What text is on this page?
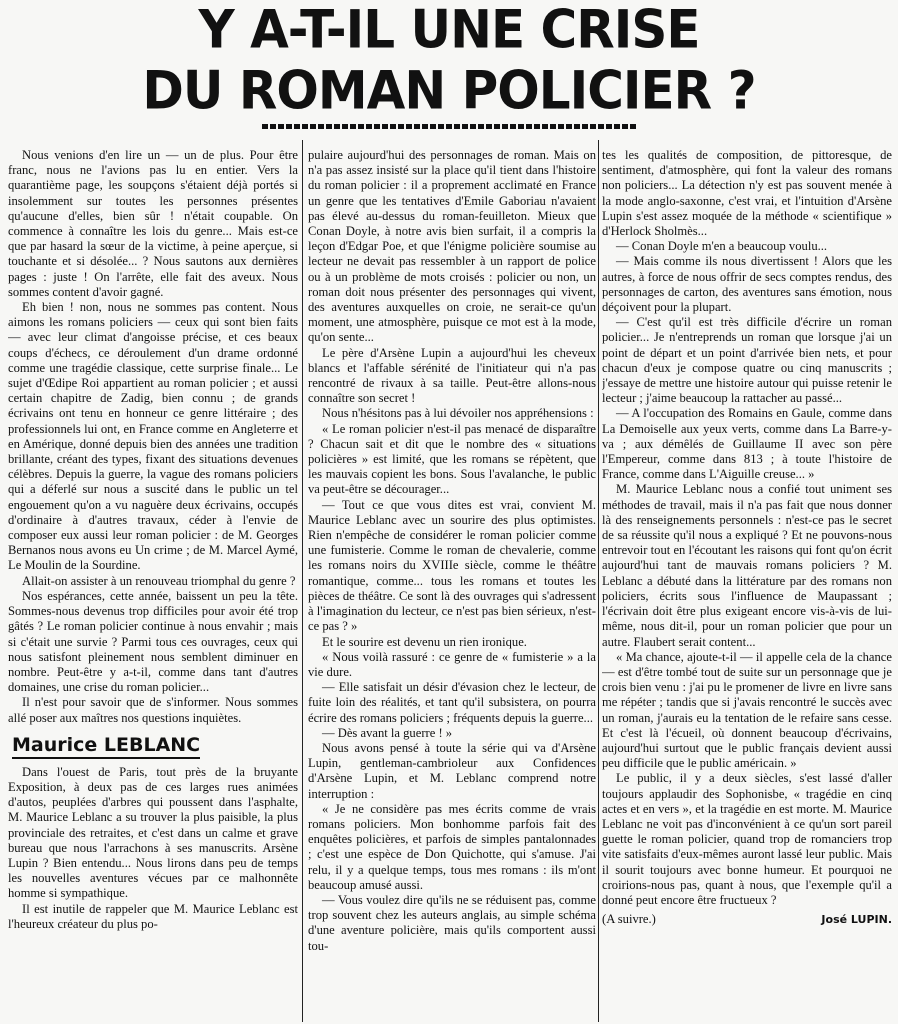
Y A-T-IL UNE CRISE
DU ROMAN POLICIER ?

Nous venions d'en lire un — un de plus. Pour être franc, nous ne l'avions pas lu en entier. Vers la quarantième page, les soupçons s'étaient déjà portés si insolemment sur toutes les personnes présentes qu'aucune d'elles, bien sûr ! n'était coupable. On commence à connaître les lois du genre... Mais est-ce que par hasard la sœur de la victime, à peine aperçue, si touchante et si désolée... ? Nous sautons aux dernières pages : juste ! On l'arrête, elle fait des aveux. Nous sommes content d'avoir gagné.

Eh bien ! non, nous ne sommes pas content. Nous aimons les romans policiers — ceux qui sont bien faits — avec leur climat d'angoisse précise, et ces beaux coups d'échecs, ce déroulement d'un drame ordonné comme une tragédie classique, cette surprise finale... Le sujet d'Œdipe Roi appartient au roman policier ; et aussi certain chapitre de Zadig, bien connu ; de grands écrivains ont tenu en honneur ce genre littéraire ; des professionnels lui ont, en France comme en Angleterre et en Amérique, donné depuis bien des années une tradition brillante, créant des types, fixant des situations devenues célèbres. Depuis la guerre, la vague des romans policiers qui a déferlé sur nous a suscité dans le public un tel engouement qu'on a vu naguère deux écrivains, occupés d'ordinaire à d'autres travaux, céder à l'envie de composer eux aussi leur roman policier : de M. Georges Bernanos nous avons eu Un crime ; de M. Marcel Aymé, Le Moulin de la Sourdine.

Allait-on assister à un renouveau triomphal du genre ?

Nos espérances, cette année, baissent un peu la tête. Sommes-nous devenus trop difficiles pour avoir été trop gâtés ? Le roman policier continue à nous envahir ; mais si c'était une survie ? Parmi tous ces ouvrages, ceux qui nous satisfont pleinement nous semblent diminuer en nombre. Peut-être y a-t-il, comme dans tant d'autres domaines, une crise du roman policier...

Il n'est pour savoir que de s'informer. Nous sommes allé poser aux maîtres nos questions inquiètes.

Maurice LEBLANC

Dans l'ouest de Paris, tout près de la bruyante Exposition, à deux pas de ces larges rues animées d'autos, peuplées d'arbres qui poussent dans l'asphalte, M. Maurice Leblanc a su trouver la plus paisible, la plus provinciale des retraites, et c'est dans un calme et grave bureau que nous l'arrachons à ses manuscrits. Arsène Lupin ? Bien entendu... Nous lirons dans peu de temps les nouvelles aventures vécues par ce malhonnête homme si sympathique.

Il est inutile de rappeler que M. Maurice Leblanc est l'heureux créateur du plus po-

pulaire aujourd'hui des personnages de roman. Mais on n'a pas assez insisté sur la place qu'il tient dans l'histoire du roman policier : il a proprement acclimaté en France un genre que les tentatives d'Emile Gaboriau n'avaient pas élevé au-dessus du roman-feuilleton. Mieux que Conan Doyle, à notre avis bien surfait, il a compris la leçon d'Edgar Poe, et que l'énigme policière soumise au lecteur ne devait pas ressembler à un rapport de police ou à un problème de mots croisés : policier ou non, un roman doit nous présenter des personnages qui vivent, des aventures auxquelles on croie, ne serait-ce qu'un moment, une atmosphère, puisque ce mot est à la mode, qu'on sente...

Le père d'Arsène Lupin a aujourd'hui les cheveux blancs et l'affable sérénité de l'initiateur qui n'a pas rencontré de rivaux à sa taille. Peut-être allons-nous connaître son secret !

Nous n'hésitons pas à lui dévoiler nos appréhensions :

« Le roman policier n'est-il pas menacé de disparaître ? Chacun sait et dit que le nombre des « situations policières » est limité, que les romans se répètent, que les mauvais copient les bons. Sous l'avalanche, le public va peut-être se décourager...

— Tout ce que vous dites est vrai, convient M. Maurice Leblanc avec un sourire des plus optimistes. Rien n'empêche de considérer le roman policier comme une fumisterie. Comme le roman de chevalerie, comme les romans noirs du XVIIIe siècle, comme le théâtre romantique, comme... tous les romans et toutes les pièces de théâtre. Ce sont là des ouvrages qui s'adressent à l'imagination du lecteur, ce n'est pas bien sérieux, n'est-ce pas ? »

Et le sourire est devenu un rien ironique.

« Nous voilà rassuré : ce genre de « fumisterie » a la vie dure.

— Elle satisfait un désir d'évasion chez le lecteur, de fuite loin des réalités, et tant qu'il subsistera, on pourra écrire des romans policiers ; fréquents depuis la guerre...

— Dès avant la guerre ! »

Nous avons pensé à toute la série qui va d'Arsène Lupin, gentleman-cambrioleur aux Confidences d'Arsène Lupin, et M. Leblanc comprend notre interruption :

« Je ne considère pas mes écrits comme de vrais romans policiers. Mon bonhomme parfois fait des enquêtes policières, et parfois de simples pantalonnades ; c'est une espèce de Don Quichotte, qui s'amuse. J'ai relu, il y a quelque temps, tous mes romans : ils m'ont beaucoup amusé aussi.

— Vous voulez dire qu'ils ne se réduisent pas, comme trop souvent chez les auteurs anglais, au simple schéma d'une aventure policière, mais qu'ils comportent aussi tou-

tes les qualités de composition, de pittoresque, de sentiment, d'atmosphère, qui font la valeur des romans non policiers... La détection n'y est pas souvent menée à la mode anglo-saxonne, c'est vrai, et l'intuition d'Arsène Lupin s'est assez moquée de la méthode « scientifique » d'Herlock Sholmès...

— Conan Doyle m'en a beaucoup voulu...

— Mais comme ils nous divertissent ! Alors que les autres, à force de nous offrir de secs comptes rendus, des personnages de carton, des aventures sans émotion, nous déçoivent pour la plupart.

— C'est qu'il est très difficile d'écrire un roman policier... Je n'entreprends un roman que lorsque j'ai un point de départ et un point d'arrivée bien nets, et pour chacun d'eux je compose quatre ou cinq manuscrits ; j'essaye de mettre une histoire autour qui puisse retenir le lecteur ; j'aime beaucoup la rattacher au passé...

— A l'occupation des Romains en Gaule, comme dans La Demoiselle aux yeux verts, comme dans La Barre-y-va ; aux démêlés de Guillaume II avec son père l'Empereur, comme dans 813 ; à toute l'histoire de France, comme dans L'Aiguille creuse... »

M. Maurice Leblanc nous a confié tout uniment ses méthodes de travail, mais il n'a pas fait que nous donner là des renseignements personnels : n'est-ce pas le secret de sa réussite qu'il nous a expliqué ? Et ne pouvons-nous entrevoir tout en l'écoutant les raisons qui font qu'on écrit aujourd'hui tant de mauvais romans policiers ? M. Leblanc a débuté dans la littérature par des romans non policiers, écrits sous l'influence de Maupassant ; l'écrivain doit être plus exigeant encore vis-à-vis de lui-même, nous dit-il, pour un roman policier que pour un autre. Flaubert serait content...

« Ma chance, ajoute-t-il — il appelle cela de la chance — est d'être tombé tout de suite sur un personnage que je crois bien venu : j'ai pu le promener de livre en livre sans me répéter ; tandis que si j'avais rencontré le succès avec un roman, j'aurais eu la tentation de le refaire sans cesse. Et c'est là l'écueil, où donnent beaucoup d'écrivains, aujourd'hui surtout que le public français devient aussi peu difficile que le public américain. »

Le public, il y a deux siècles, s'est lassé d'aller toujours applaudir des Sophonisbe, « tragédie en cinq actes et en vers », et la tragédie en est morte. M. Maurice Leblanc ne voit pas d'inconvénient à ce qu'un sort pareil guette le roman policier, quand trop de romanciers trop vite satisfaits d'eux-mêmes auront lassé leur public. Mais il sourit toujours avec bonne humeur. Et pourquoi ne croirions-nous pas, quant à nous, que l'exemple qu'il a donné peut encore être fructueux ?

(A suivre.)	José LUPIN.
